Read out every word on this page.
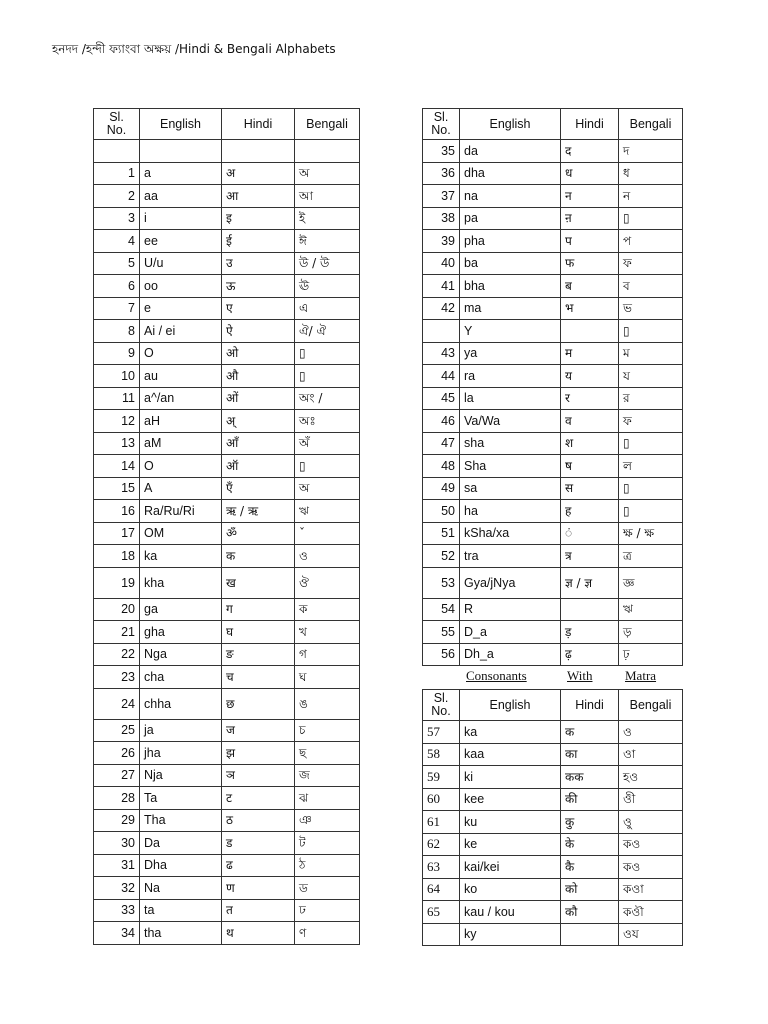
হনদদ /হন্দী ফ্যাংবা অক্ষয় /Hindi & Bengali Alphabets
Sl. No.	English	Hindi	Bengali

1	a	अ	অ
2	aa	आ	আ
3	i	इ	ই
4	ee	ई	ঈ
5	U/u	उ	উ / উ
6	oo	ऊ	ঊ
7	e	ए	এ
8	Ai / ei	ऐ	ঐ/ ঐ
9	O	ओ	▯
10	au	औ	▯
11	a^/an	ओं	অং /
12	aH	अ्	অঃ
13	aM	ऑं	অঁ
14	O	ऑ	▯
15	A	एँ	অ
16	Ra/Ru/Ri	ऋ / ऋ	ঋ
17	OM	ॐ	ˇ
18	ka	क	ও
19	kha	ख	ঔ
20	ga	ग	ক
21	gha	घ	খ
22	Nga	ङ	গ
23	cha	च	ঘ
24	chha	छ	ঙ
25	ja	ज	চ
26	jha	झ	ছ
27	Nja	ञ	জ
28	Ta	ट	ঝ
29	Tha	ठ	ঞ
30	Da	ड	ট
31	Dha	ढ	ঠ
32	Na	ण	ড
33	ta	त	ঢ
34	tha	थ	ণ
Sl. No.	English	Hindi	Bengali
35	da	द	দ
36	dha	ध	ধ
37	na	न	ন
38	pa	ऩ	▯
39	pha	प	প
40	ba	फ	ফ
41	bha	ब	ব
42	ma	भ	ভ
	Y		▯
43	ya	म	ম
44	ra	य	য
45	la	र	র
46	Va/Wa	व	ফ
47	sha	श	▯
48	Sha	ष	ল
49	sa	स	▯
50	ha	ह	▯
51	kSha/xa	ं	ক্ষ / ক্ষ
52	tra	त्र	ত্র
53	Gya/jNya	ज्ञ / ज्ञ	জ্ঞ
54	R		ঋ
55	D_a	ड़	ড়
56	Dh_a	ढ़	ঢ়
Consonants	With	Matra
Sl. No.	English	Hindi	Bengali
57	ka	क	ও
58	kaa	का	ওা
59	ki	कक	হও
60	kee	की	ওী
61	ku	कु	ওু
62	ke	के	কও
63	kai/kei	कै	কও
64	ko	को	কওা
65	kau / kou	कौ	কওৗ
	ky		ওয
